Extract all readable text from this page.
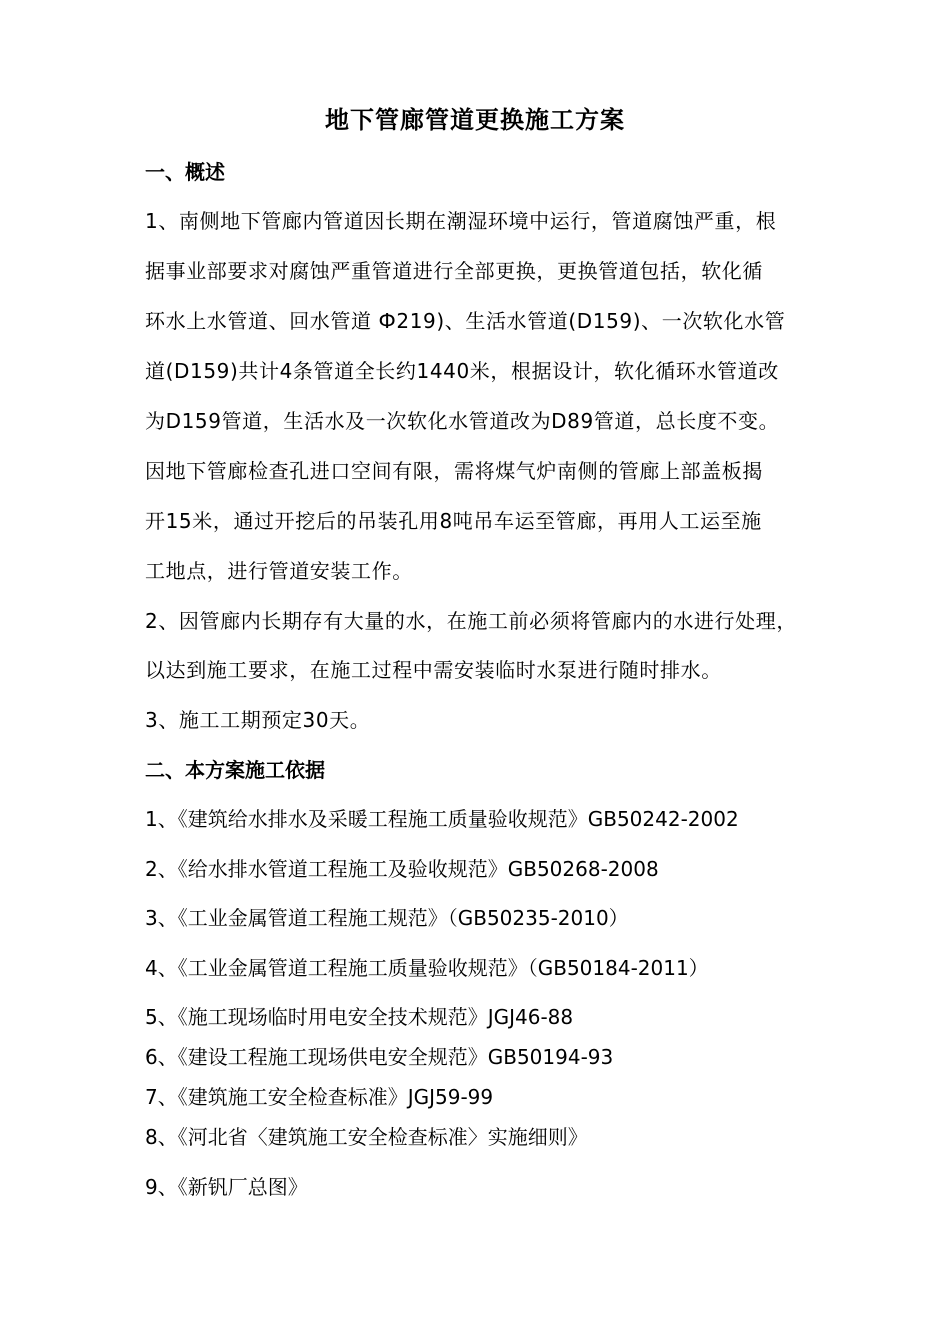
地下管廊管道更换施工方案
一、概述
1、南侧地下管廊内管道因长期在潮湿环境中运行，管道腐蚀严重，根
据事业部要求对腐蚀严重管道进行全部更换，更换管道包括，软化循
环水上水管道、回水管道 Ф219)、生活水管道(D159)、一次软化水管
道(D159)共计4条管道全长约1440米，根据设计，软化循环水管道改
为D159管道，生活水及一次软化水管道改为D89管道，总长度不变。
因地下管廊检查孔进口空间有限，需将煤气炉南侧的管廊上部盖板揭
开15米，通过开挖后的吊装孔用8吨吊车运至管廊，再用人工运至施
工地点，进行管道安装工作。
2、因管廊内长期存有大量的水，在施工前必须将管廊内的水进行处理，
以达到施工要求，在施工过程中需安装临时水泵进行随时排水。
3、施工工期预定30天。
二、本方案施工依据
1、《建筑给水排水及采暖工程施工质量验收规范》GB50242-2002
2、《给水排水管道工程施工及验收规范》GB50268-2008
3、《工业金属管道工程施工规范》（GB50235-2010）
4、《工业金属管道工程施工质量验收规范》（GB50184-2011）
5、《施工现场临时用电安全技术规范》JGJ46-88
6、《建设工程施工现场供电安全规范》GB50194-93
7、《建筑施工安全检查标准》JGJ59-99
8、《河北省〈建筑施工安全检查标准〉实施细则》
9、《新钒厂总图》
